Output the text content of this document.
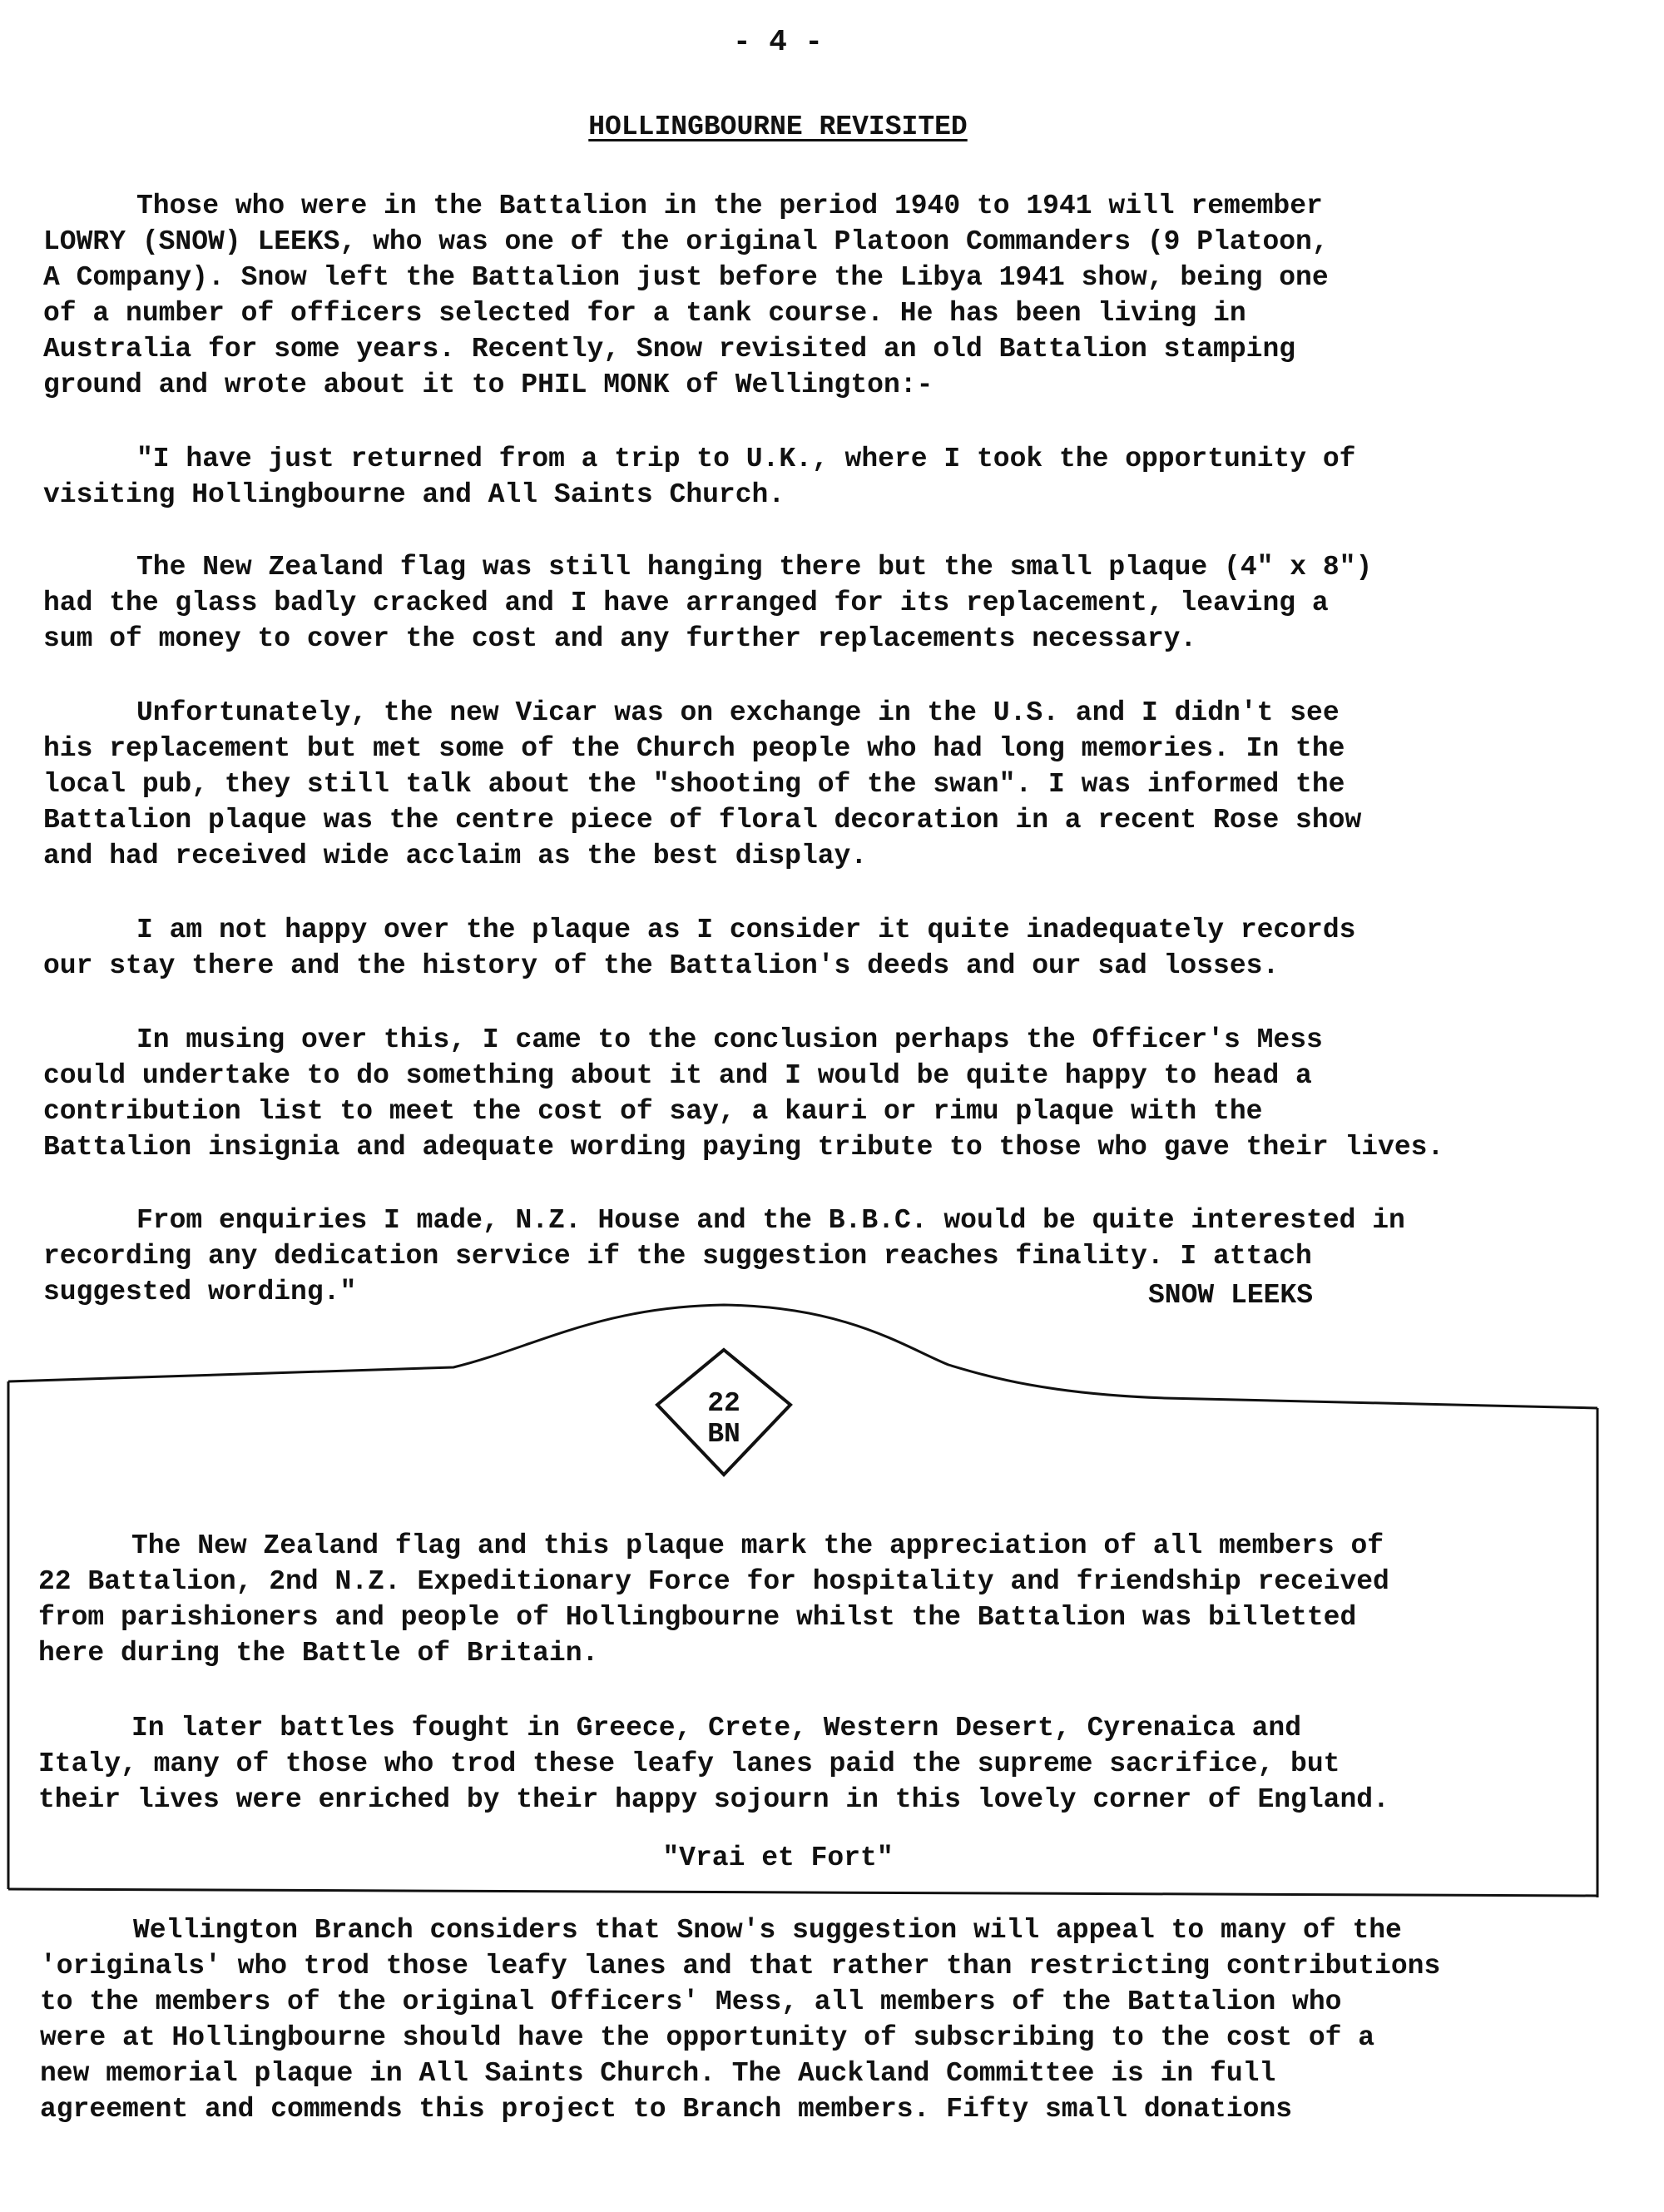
- 4 -
HOLLINGBOURNE REVISITED

Those who were in the Battalion in the period 1940 to 1941 will remember
LOWRY (SNOW) LEEKS, who was one of the original Platoon Commanders (9 Platoon,
A Company). Snow left the Battalion just before the Libya 1941 show, being one
of a number of officers selected for a tank course. He has been living in
Australia for some years. Recently, Snow revisited an old Battalion stamping
ground and wrote about it to PHIL MONK of Wellington:-

"I have just returned from a trip to U.K., where I took the opportunity of
visiting Hollingbourne and All Saints Church.

The New Zealand flag was still hanging there but the small plaque (4" x 8")
had the glass badly cracked and I have arranged for its replacement, leaving a
sum of money to cover the cost and any further replacements necessary.

Unfortunately, the new Vicar was on exchange in the U.S. and I didn't see
his replacement but met some of the Church people who had long memories. In the
local pub, they still talk about the "shooting of the swan". I was informed the
Battalion plaque was the centre piece of floral decoration in a recent Rose show
and had received wide acclaim as the best display.

I am not happy over the plaque as I consider it quite inadequately records
our stay there and the history of the Battalion's deeds and our sad losses.

In musing over this, I came to the conclusion perhaps the Officer's Mess
could undertake to do something about it and I would be quite happy to head a
contribution list to meet the cost of say, a kauri or rimu plaque with the
Battalion insignia and adequate wording paying tribute to those who gave their lives.

From enquiries I made, N.Z. House and the B.B.C. would be quite interested in
recording any dedication service if the suggestion reaches finality. I attach
suggested wording."	SNOW LEEKS
22 BN

The New Zealand flag and this plaque mark the appreciation of all members of
22 Battalion, 2nd N.Z. Expeditionary Force for hospitality and friendship received
from parishioners and people of Hollingbourne whilst the Battalion was billetted
here during the Battle of Britain.

In later battles fought in Greece, Crete, Western Desert, Cyrenaica and
Italy, many of those who trod these leafy lanes paid the supreme sacrifice, but
their lives were enriched by their happy sojourn in this lovely corner of England.

"Vrai et Fort"

Wellington Branch considers that Snow's suggestion will appeal to many of the
'originals' who trod those leafy lanes and that rather than restricting contributions
to the members of the original Officers' Mess, all members of the Battalion who
were at Hollingbourne should have the opportunity of subscribing to the cost of a
new memorial plaque in All Saints Church. The Auckland Committee is in full
agreement and commends this project to Branch members. Fifty small donations
